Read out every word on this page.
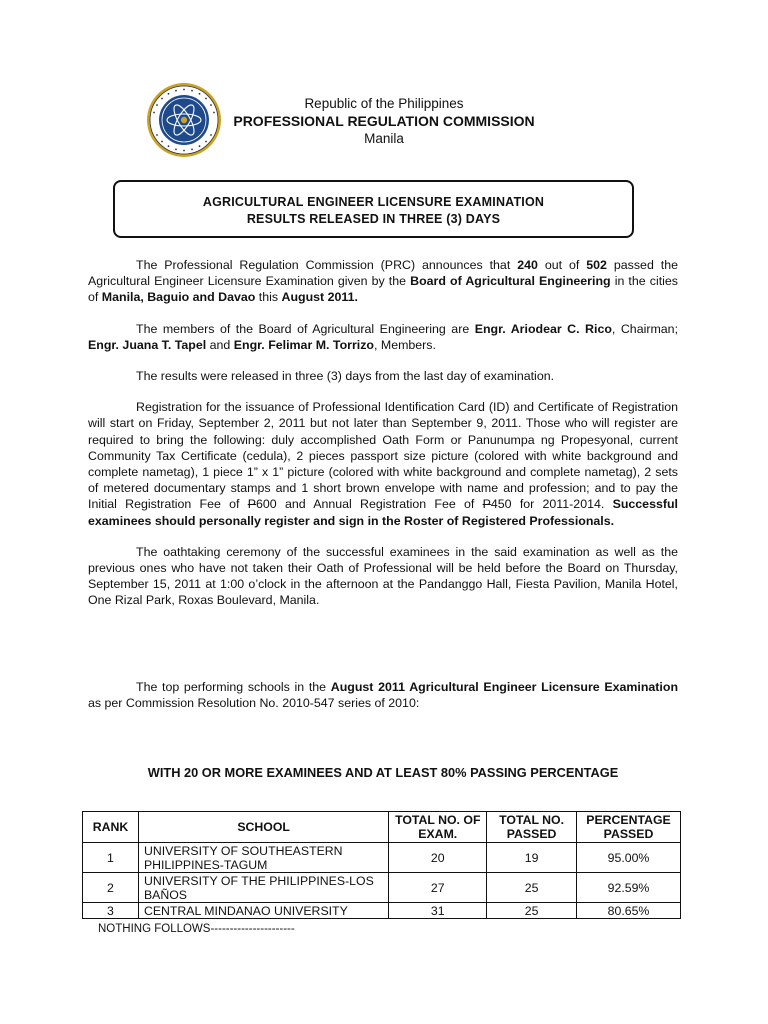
Republic of the Philippines
PROFESSIONAL REGULATION COMMISSION
Manila
AGRICULTURAL ENGINEER LICENSURE EXAMINATION
RESULTS RELEASED IN THREE (3) DAYS

The Professional Regulation Commission (PRC) announces that 240 out of 502 passed the Agricultural Engineer Licensure Examination given by the Board of Agricultural Engineering in the cities of Manila, Baguio and Davao this August 2011.

The members of the Board of Agricultural Engineering are Engr. Ariodear C. Rico, Chairman; Engr. Juana T. Tapel and Engr. Felimar M. Torrizo, Members.

The results were released in three (3) days from the last day of examination.

Registration for the issuance of Professional Identification Card (ID) and Certificate of Registration will start on Friday, September 2, 2011 but not later than September 9, 2011. Those who will register are required to bring the following: duly accomplished Oath Form or Panunumpa ng Propesyonal, current Community Tax Certificate (cedula), 2 pieces passport size picture (colored with white background and complete nametag), 1 piece 1” x 1” picture (colored with white background and complete nametag), 2 sets of metered documentary stamps and 1 short brown envelope with name and profession; and to pay the Initial Registration Fee of P600 and Annual Registration Fee of P450 for 2011-2014. Successful examinees should personally register and sign in the Roster of Registered Professionals.

The oathtaking ceremony of the successful examinees in the said examination as well as the previous ones who have not taken their Oath of Professional will be held before the Board on Thursday, September 15, 2011 at 1:00 o’clock in the afternoon at the Pandanggo Hall, Fiesta Pavilion, Manila Hotel, One Rizal Park, Roxas Boulevard, Manila.

The top performing schools in the August 2011 Agricultural Engineer Licensure Examination as per Commission Resolution No. 2010-547 series of 2010:

WITH 20 OR MORE EXAMINEES AND AT LEAST 80% PASSING PERCENTAGE
RANK	SCHOOL	TOTAL NO. OF EXAM.	TOTAL NO. PASSED	PERCENTAGE PASSED
1	UNIVERSITY OF SOUTHEASTERN PHILIPPINES-TAGUM	20	19	95.00%
2	UNIVERSITY OF THE PHILIPPINES-LOS BAÑOS	27	25	92.59%
3	CENTRAL MINDANAO UNIVERSITY	31	25	80.65%
NOTHING FOLLOWS----------------------
